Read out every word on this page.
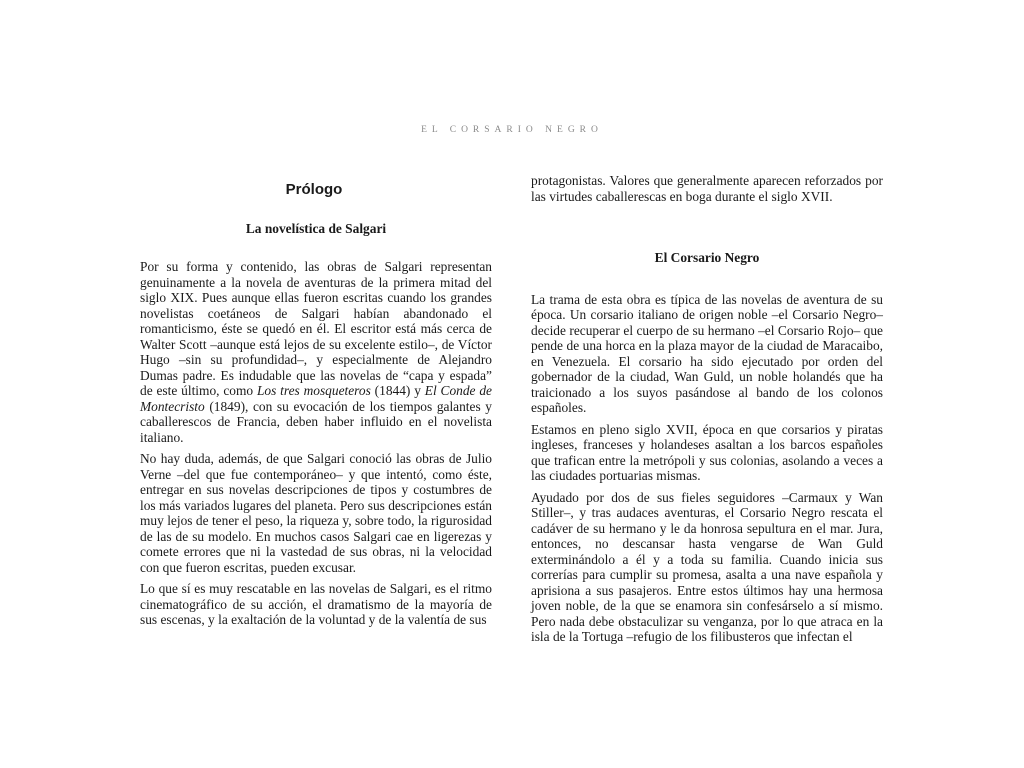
EL CORSARIO NEGRO
Prólogo
La novelística de Salgari

Por su forma y contenido, las obras de Salgari representan genuinamente a la novela de aventuras de la primera mitad del siglo XIX. Pues aunque ellas fueron escritas cuando los grandes novelistas coetáneos de Salgari habían abandonado el romanticismo, éste se quedó en él. El escritor está más cerca de Walter Scott –aunque está lejos de su excelente estilo–, de Víctor Hugo –sin su profundidad–, y especialmente de Alejandro Dumas padre. Es indudable que las novelas de “capa y espada” de este último, como Los tres mosqueteros (1844) y El Conde de Montecristo (1849), con su evocación de los tiempos galantes y caballerescos de Francia, deben haber influido en el novelista italiano.

No hay duda, además, de que Salgari conoció las obras de Julio Verne –del que fue contemporáneo– y que intentó, como éste, entregar en sus novelas descripciones de tipos y costumbres de los más variados lugares del planeta. Pero sus descripciones están muy lejos de tener el peso, la riqueza y, sobre todo, la rigurosidad de las de su modelo. En muchos casos Salgari cae en ligerezas y comete errores que ni la vastedad de sus obras, ni la velocidad con que fueron escritas, pueden excusar.

Lo que sí es muy rescatable en las novelas de Salgari, es el ritmo cinematográfico de su acción, el dramatismo de la mayoría de sus escenas, y la exaltación de la voluntad y de la valentía de sus

protagonistas. Valores que generalmente aparecen reforzados por las virtudes caballerescas en boga durante el siglo XVII.

El Corsario Negro

La trama de esta obra es típica de las novelas de aventura de su época. Un corsario italiano de origen noble –el Corsario Negro– decide recuperar el cuerpo de su hermano –el Corsario Rojo– que pende de una horca en la plaza mayor de la ciudad de Maracaibo, en Venezuela. El corsario ha sido ejecutado por orden del gobernador de la ciudad, Wan Guld, un noble holandés que ha traicionado a los suyos pasándose al bando de los colonos españoles.

Estamos en pleno siglo XVII, época en que corsarios y piratas ingleses, franceses y holandeses asaltan a los barcos españoles que trafican entre la metrópoli y sus colonias, asolando a veces a las ciudades portuarias mismas.

Ayudado por dos de sus fieles seguidores –Carmaux y Wan Stiller–, y tras audaces aventuras, el Corsario Negro rescata el cadáver de su hermano y le da honrosa sepultura en el mar. Jura, entonces, no descansar hasta vengarse de Wan Guld exterminándolo a él y a toda su familia. Cuando inicia sus correrías para cumplir su promesa, asalta a una nave española y aprisiona a sus pasajeros. Entre estos últimos hay una hermosa joven noble, de la que se enamora sin confesárselo a sí mismo. Pero nada debe obstaculizar su venganza, por lo que atraca en la isla de la Tortuga –refugio de los filibusteros que infectan el
